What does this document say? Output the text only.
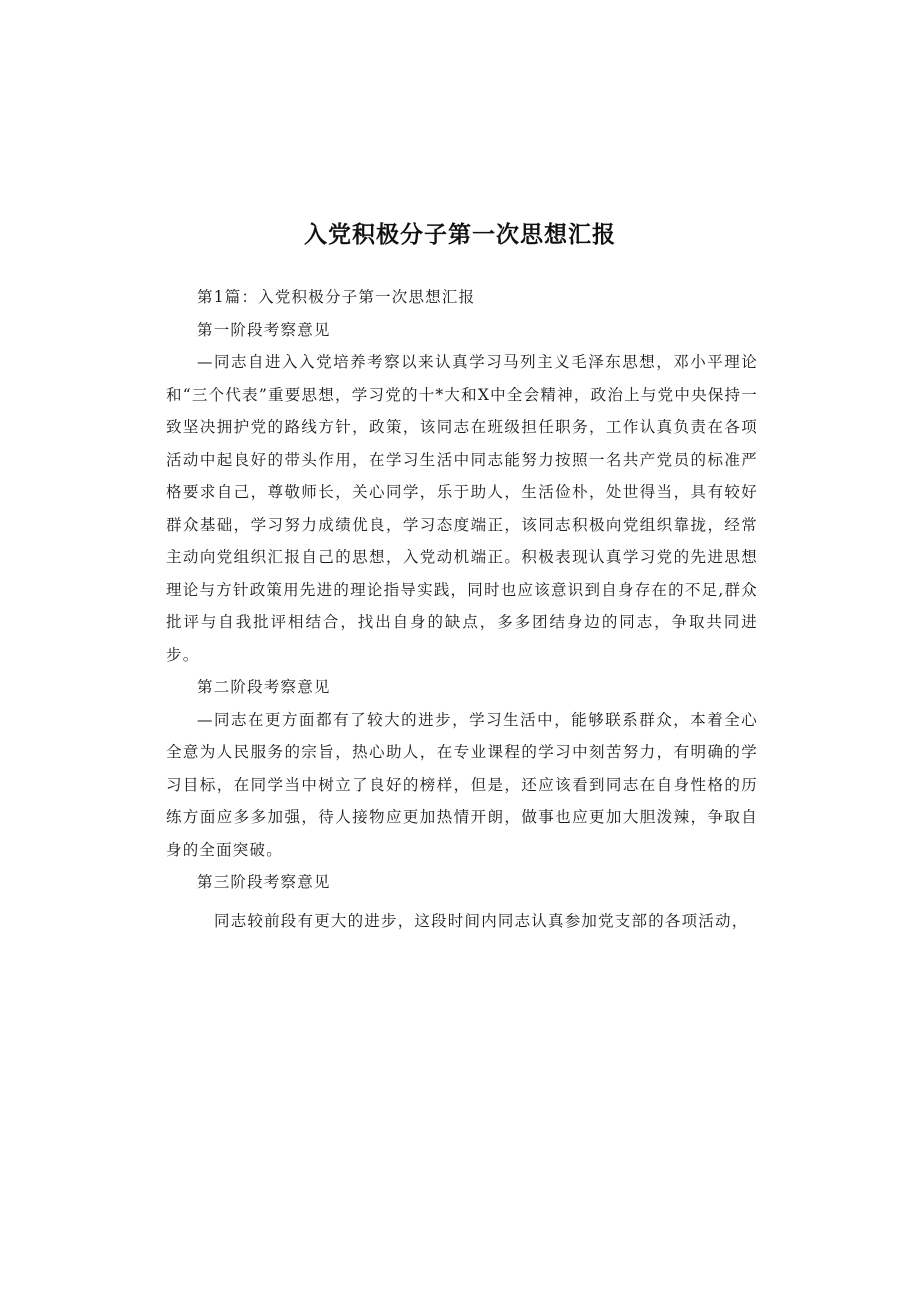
入党积极分子第一次思想汇报

第1篇：入党积极分子第一次思想汇报

第一阶段考察意见

—同志自进入入党培养考察以来认真学习马列主义毛泽东思想，邓小平理论和“三个代表”重要思想，学习党的十*大和X中全会精神，政治上与党中央保持一致坚决拥护党的路线方针，政策，该同志在班级担任职务，工作认真负责在各项活动中起良好的带头作用，在学习生活中同志能努力按照一名共产党员的标准严格要求自己，尊敬师长，关心同学，乐于助人，生活俭朴，处世得当，具有较好群众基础，学习努力成绩优良，学习态度端正，该同志积极向党组织靠拢，经常主动向党组织汇报自己的思想，入党动机端正。积极表现认真学习党的先进思想理论与方针政策用先进的理论指导实践，同时也应该意识到自身存在的不足,群众批评与自我批评相结合，找出自身的缺点，多多团结身边的同志，争取共同进步。

第二阶段考察意见

—同志在更方面都有了较大的进步，学习生活中，能够联系群众，本着全心全意为人民服务的宗旨，热心助人，在专业课程的学习中刻苦努力，有明确的学习目标，在同学当中树立了良好的榜样，但是，还应该看到同志在自身性格的历练方面应多多加强，待人接物应更加热情开朗，做事也应更加大胆泼辣，争取自身的全面突破。

第三阶段考察意见

同志较前段有更大的进步，这段时间内同志认真参加党支部的各项活动，
